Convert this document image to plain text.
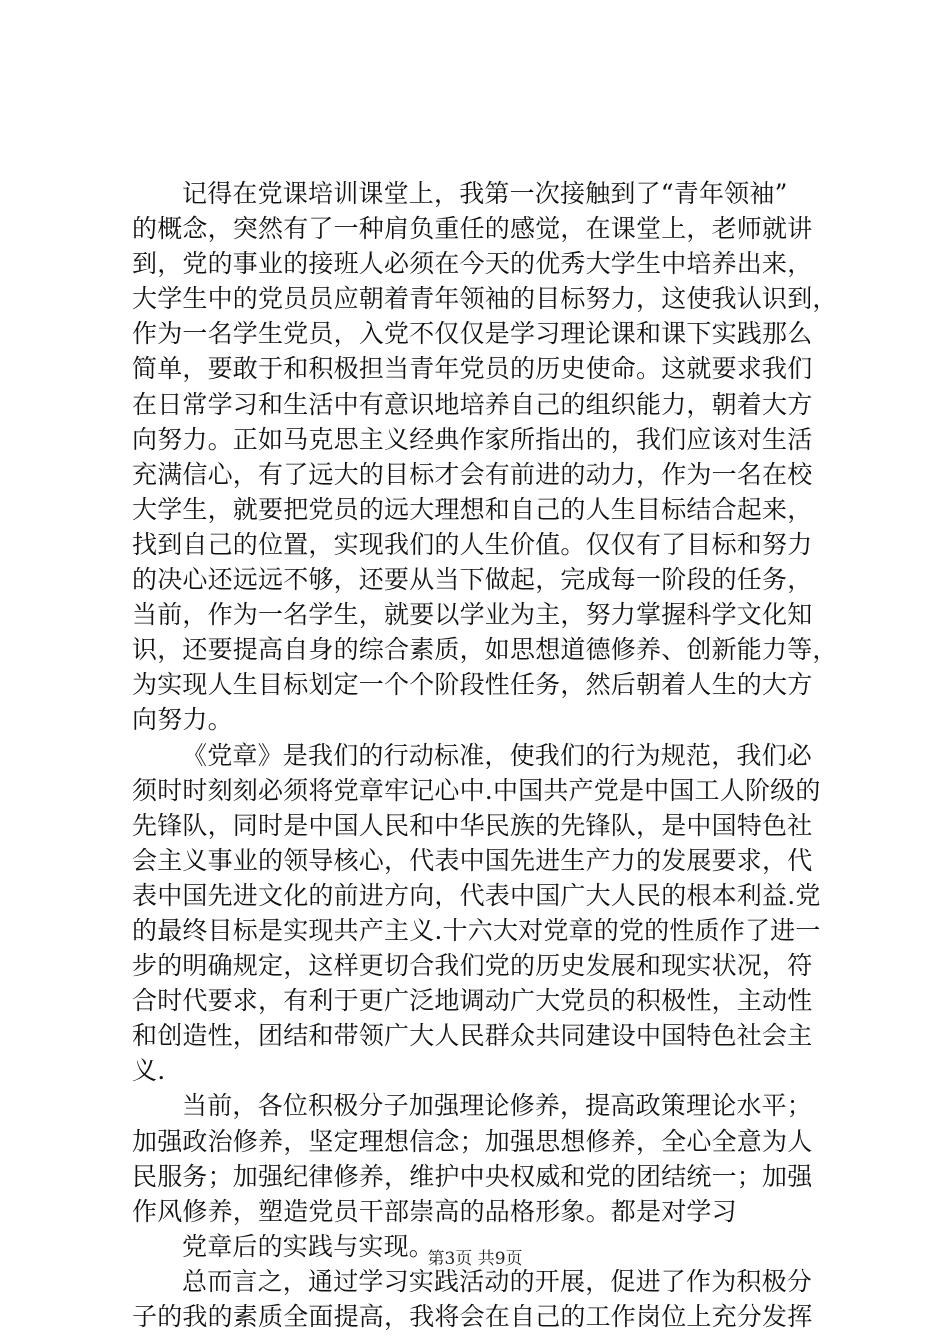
记得在党课培训课堂上，我第一次接触到了“青年领袖”
的概念，突然有了一种肩负重任的感觉，在课堂上，老师就讲
到，党的事业的接班人必须在今天的优秀大学生中培养出来，
大学生中的党员员应朝着青年领袖的目标努力，这使我认识到，
作为一名学生党员，入党不仅仅是学习理论课和课下实践那么
简单，要敢于和积极担当青年党员的历史使命。这就要求我们
在日常学习和生活中有意识地培养自己的组织能力，朝着大方
向努力。正如马克思主义经典作家所指出的，我们应该对生活
充满信心，有了远大的目标才会有前进的动力，作为一名在校
大学生，就要把党员的远大理想和自己的人生目标结合起来，
找到自己的位置，实现我们的人生价值。仅仅有了目标和努力
的决心还远远不够，还要从当下做起，完成每一阶段的任务，
当前，作为一名学生，就要以学业为主，努力掌握科学文化知
识，还要提高自身的综合素质，如思想道德修养、创新能力等，
为实现人生目标划定一个个阶段性任务，然后朝着人生的大方
向努力。
《党章》是我们的行动标准，使我们的行为规范，我们必
须时时刻刻必须将党章牢记心中.中国共产党是中国工人阶级的
先锋队，同时是中国人民和中华民族的先锋队，是中国特色社
会主义事业的领导核心，代表中国先进生产力的发展要求，代
表中国先进文化的前进方向，代表中国广大人民的根本利益.党
的最终目标是实现共产主义.十六大对党章的党的性质作了进一
步的明确规定，这样更切合我们党的历史发展和现实状况，符
合时代要求，有利于更广泛地调动广大党员的积极性，主动性
和创造性，团结和带领广大人民群众共同建设中国特色社会主
义.
当前，各位积极分子加强理论修养，提高政策理论水平；
加强政治修养，坚定理想信念；加强思想修养，全心全意为人
民服务；加强纪律修养，维护中央权威和党的团结统一；加强
作风修养，塑造党员干部崇高的品格形象。都是对学习
党章后的实践与实现。
总而言之，通过学习实践活动的开展，促进了作为积极分
子的我的素质全面提高，我将会在自己的工作岗位上充分发挥
第3页 共9页
